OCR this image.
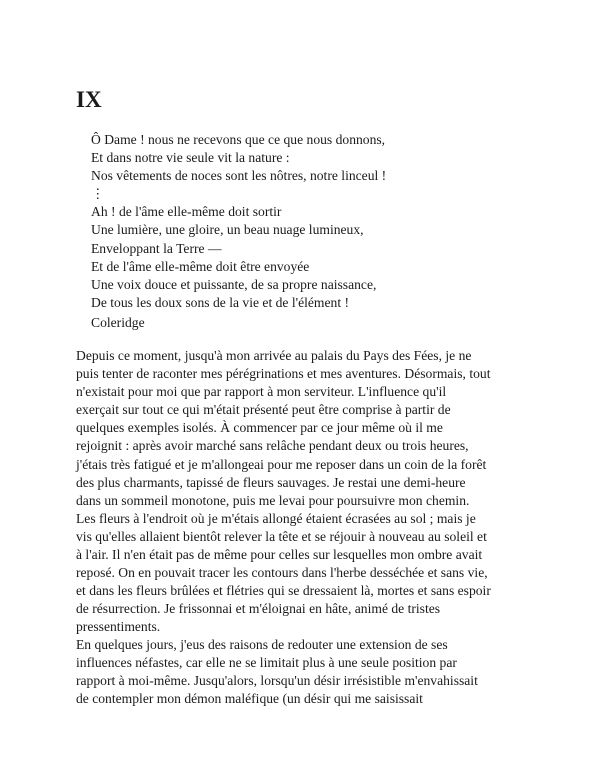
IX
Ô Dame ! nous ne recevons que ce que nous donnons,
Et dans notre vie seule vit la nature :
Nos vêtements de noces sont les nôtres, notre linceul !
⋮
Ah ! de l'âme elle-même doit sortir
Une lumière, une gloire, un beau nuage lumineux,
Enveloppant la Terre —
Et de l'âme elle-même doit être envoyée
Une voix douce et puissante, de sa propre naissance,
De tous les doux sons de la vie et de l'élément !

Coleridge

Depuis ce moment, jusqu'à mon arrivée au palais du Pays des Fées, je ne
puis tenter de raconter mes pérégrinations et mes aventures. Désormais, tout
n'existait pour moi que par rapport à mon serviteur. L'influence qu'il
exerçait sur tout ce qui m'était présenté peut être comprise à partir de
quelques exemples isolés. À commencer par ce jour même où il me
rejoignit : après avoir marché sans relâche pendant deux ou trois heures,
j'étais très fatigué et je m'allongeai pour me reposer dans un coin de la forêt
des plus charmants, tapissé de fleurs sauvages. Je restai une demi-heure
dans un sommeil monotone, puis me levai pour poursuivre mon chemin.
Les fleurs à l'endroit où je m'étais allongé étaient écrasées au sol ; mais je
vis qu'elles allaient bientôt relever la tête et se réjouir à nouveau au soleil et
à l'air. Il n'en était pas de même pour celles sur lesquelles mon ombre avait
reposé. On en pouvait tracer les contours dans l'herbe desséchée et sans vie,
et dans les fleurs brûlées et flétries qui se dressaient là, mortes et sans espoir
de résurrection. Je frissonnai et m'éloignai en hâte, animé de tristes
pressentiments.
En quelques jours, j'eus des raisons de redouter une extension de ses
influences néfastes, car elle ne se limitait plus à une seule position par
rapport à moi-même. Jusqu'alors, lorsqu'un désir irrésistible m'envahissait
de contempler mon démon maléfique (un désir qui me saisissait
